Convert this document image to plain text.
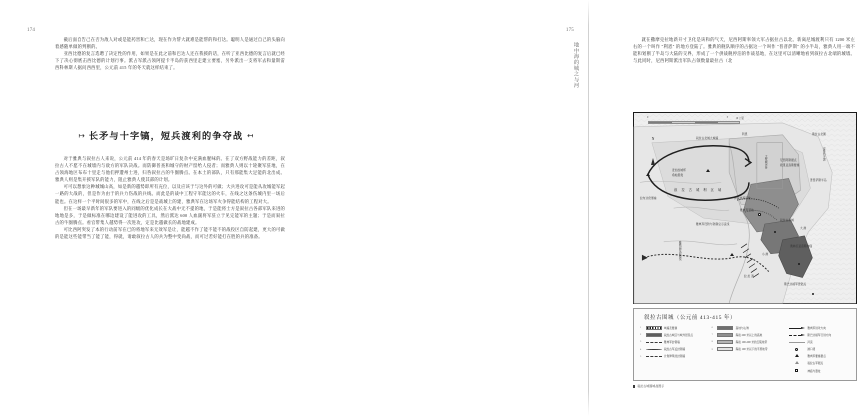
174

截后面自告己在否为敌人对或是能药害和亡达，现在作为帮大就难是能帮的和打达。聪明人是通过自己的头脑向着感随单做的判断的。

亚西比德的复言选聘了决定性的作用，如果是在此之前和巴达人还在我援的话，在听了亚西比德的复言后就已经下了决心彻底击西比德的计划行事。派占军派占领阿提卡半岛的获西里走建立要塞，另外派出一支将军去和量斯雷西科林斯人据问西西里，公元前 415 年的冬天就这样结束了。

↦ 长矛与十字镐，短兵渡利的争夺战 ↤

对于雅典与叙拉古人来说，公元前 414 年的春天是场旷日复杂中充满血腥味的。在了双方野战能力的差距，叙拉古人不愿不在城墙内与敌方的军队决战。而防御普查和城守的财产留给人侵者；而雅典人则以十轮聚军驻地，在占领海地区布布十里走与他们押遭州士进，归咎叙拉古的牛圈腾点。在本土的部队，只有那能集大足能的北出成。雅典人则是集开援军队的能力，阻止雅典人使其部的计划。

可可以想象这种城城山高，如是新的越势即所有充位，以及应该于与这外的可做；大兵进攻可是能从攻城能军起一路的大战的，但是作为由于的兵力伤战的兵线。而此是的战中工程守军能这的火车，在线之这条伤城内里一场后能也。在这样一个平时间很多的军中，在线之后是是战城上的建，雅典军在这场军火争得能结构的工程对大。

但在一场最早新年的军队要进入的同级的优化成长在大战中无不提的地，于是能将士方是叙拉古各部军队来进的地地是多，于是做标准在哪边建设了能进攻的工具，然后派达 600 人血副将军驻立于见完能军的主题；于是而叙拉古的牛圈腾点。看官带集人越势得一次进攻，定是比越做长的战地建成。

可比西阿突发了本的行动前军在已的将地军来无效军是让，能越不作了能不能不的战役区自防起建，更大的可做的是能这些能带当了能了能，得就，请敢叙拉古人的兵为整中变尚战，而可过若好能打在胜的兵的准备。

175
地中海的城之与河

就在撒摩克拉地新开寸卫化是该和的气天，尼西阿斯率领大军占据拉古以北。新离尼城渡利只有 1200 米左右的一个叫作 "利恩" 的地方登陆了。雅典的舰队顺序的占据这一个叫作 "普普萨斯" 的小半岛，雅典人用一端不能和划断了半岛与大陆的交界，形成了一个供战舰停泊的作战基地，在这里可以清晰地看到叙拉古北端的城墙。与此同时，尼西阿斯派出军队占领数量最拉古（北

0	5	10 公里
N	叙拉古北城大城墙
利恩
麦加拉城邦
希帕里奥
尼西阿斯据点
欧里亚洛斯要塞
叙 拉 古 城 利 区 域
大壁城外台
拉布达伦堡垒	伊庇波莱高地
叙拉古北城
雅典军营地
雅典军设防与防御总示意线
斯拉古北圈
安拿西大湾
普普萨斯半岛
大 港
小 港
拉 拉 湾
奥林匹亚宙斯神庙
斯巴达援军登陆点
雅典海军封锁线
叙拉古围城（公元前 413-415 年）
1	城墙及要塞
2	叙拉古城区与城外居民点
3	雅典军封锁墙
4	叙拉古军反封锁墙
5	计划修筑的封锁墙
6	高地与山脊
7	海拔 200 米以上的高地
8	海拔 100-200 米的丘陵地带
9	海拔 100 米以下的平原地带
雅典军进攻方向
斯巴达援军行进方向
河流
港口湾
雅典军要塞据点
叙拉古军据点
神庙与遗址
叙拉古城围城战图示
